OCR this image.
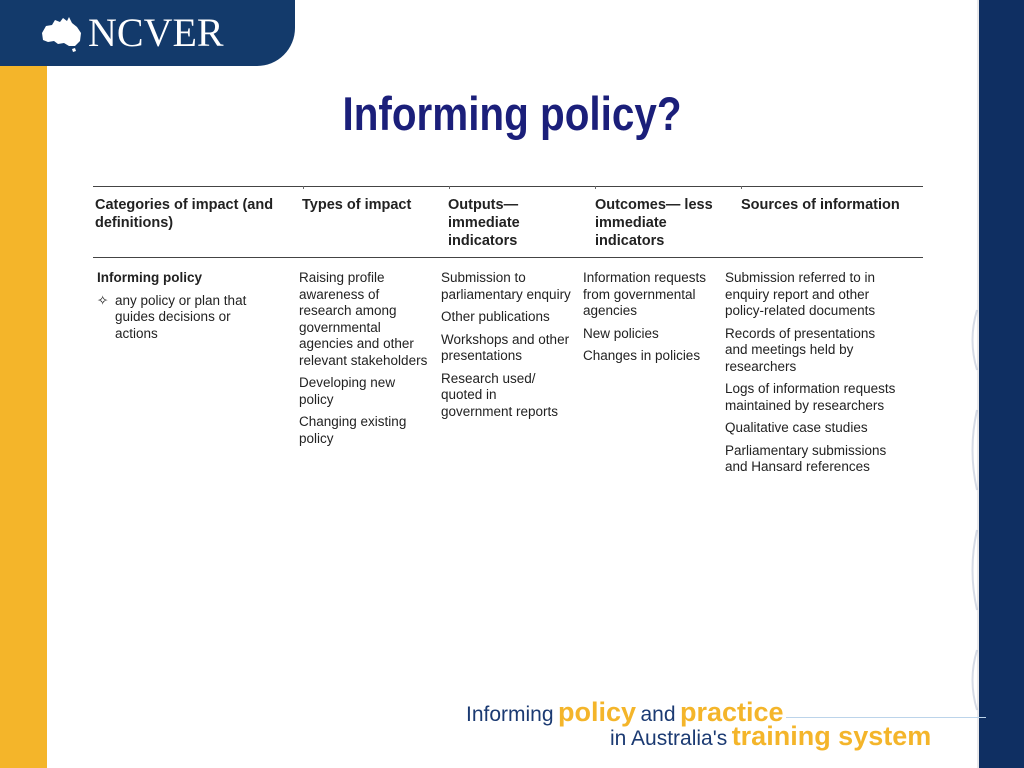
NCVER
Informing policy?
Categories of impact (and definitions)
Types of impact	Outputs— immediate indicators
Outcomes— less immediate indicators
Sources of information
Informing policy
✧ any policy or plan that guides decisions or actions
Raising profile awareness of research among governmental agencies and other relevant stakeholders
Developing new policy
Changing existing policy
Submission to parliamentary enquiry
Other publications
Workshops and other presentations
Research used/ quoted in government reports
Information requests from governmental agencies
New policies
Changes in policies
Submission referred to in enquiry report and other policy-related documents
Records of presentations and meetings held by researchers
Logs of information requests maintained by researchers
Qualitative case studies
Parliamentary submissions and Hansard references
Informing policy and practice
in Australia's training system
